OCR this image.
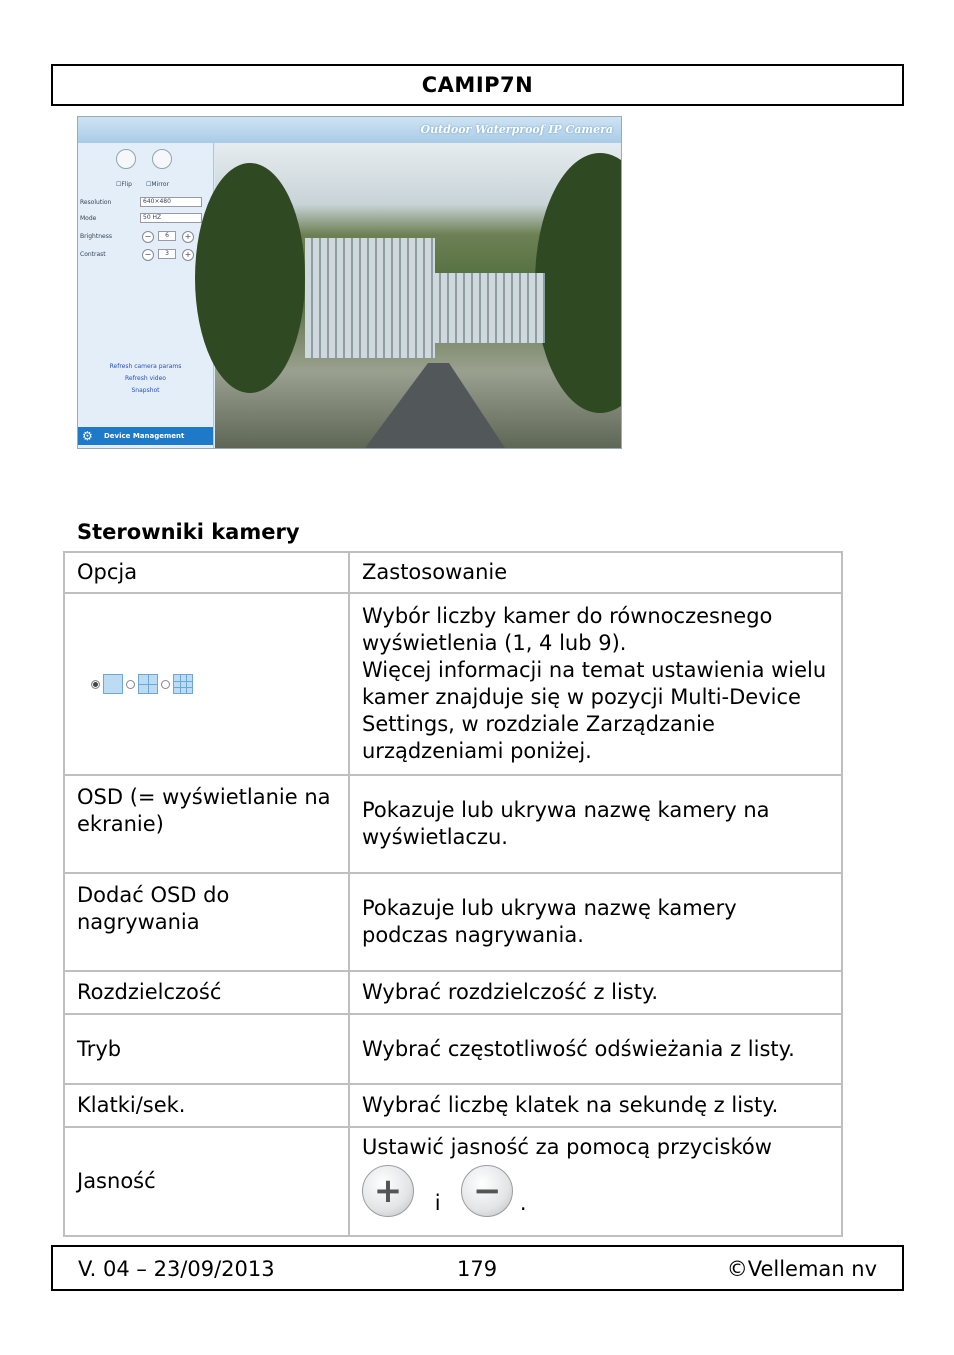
CAMIP7N
Outdoor Waterproof IP Camera
☐Flip ☐Mirror
Resolution	640×480
Mode	50 HZ
Brightness	−	6	+
Contrast	−	3	+
Refresh camera params
Refresh video
Snapshot
⚙ Device Management
Sterowniki kamery
Opcja	Zastosowanie

	Wybór liczby kamer do równoczesnego wyświetlenia (1, 4 lub 9).
Więcej informacji na temat ustawienia wielu kamer znajduje się w pozycji Multi-Device Settings, w rozdziale Zarządzanie urządzeniami poniżej.
OSD (= wyświetlanie na ekranie)	Pokazuje lub ukrywa nazwę kamery na wyświetlaczu.
Dodać OSD do nagrywania	Pokazuje lub ukrywa nazwę kamery podczas nagrywania.
Rozdzielczość	Wybrać rozdzielczość z listy.
Tryb	Wybrać częstotliwość odświeżania z listy.
Klatki/sek.	Wybrać liczbę klatek na sekundę z listy.
Jasność	Ustawić jasność za pomocą przycisków
+ i − .
V. 04 – 23/09/2013	179	©Velleman nv
